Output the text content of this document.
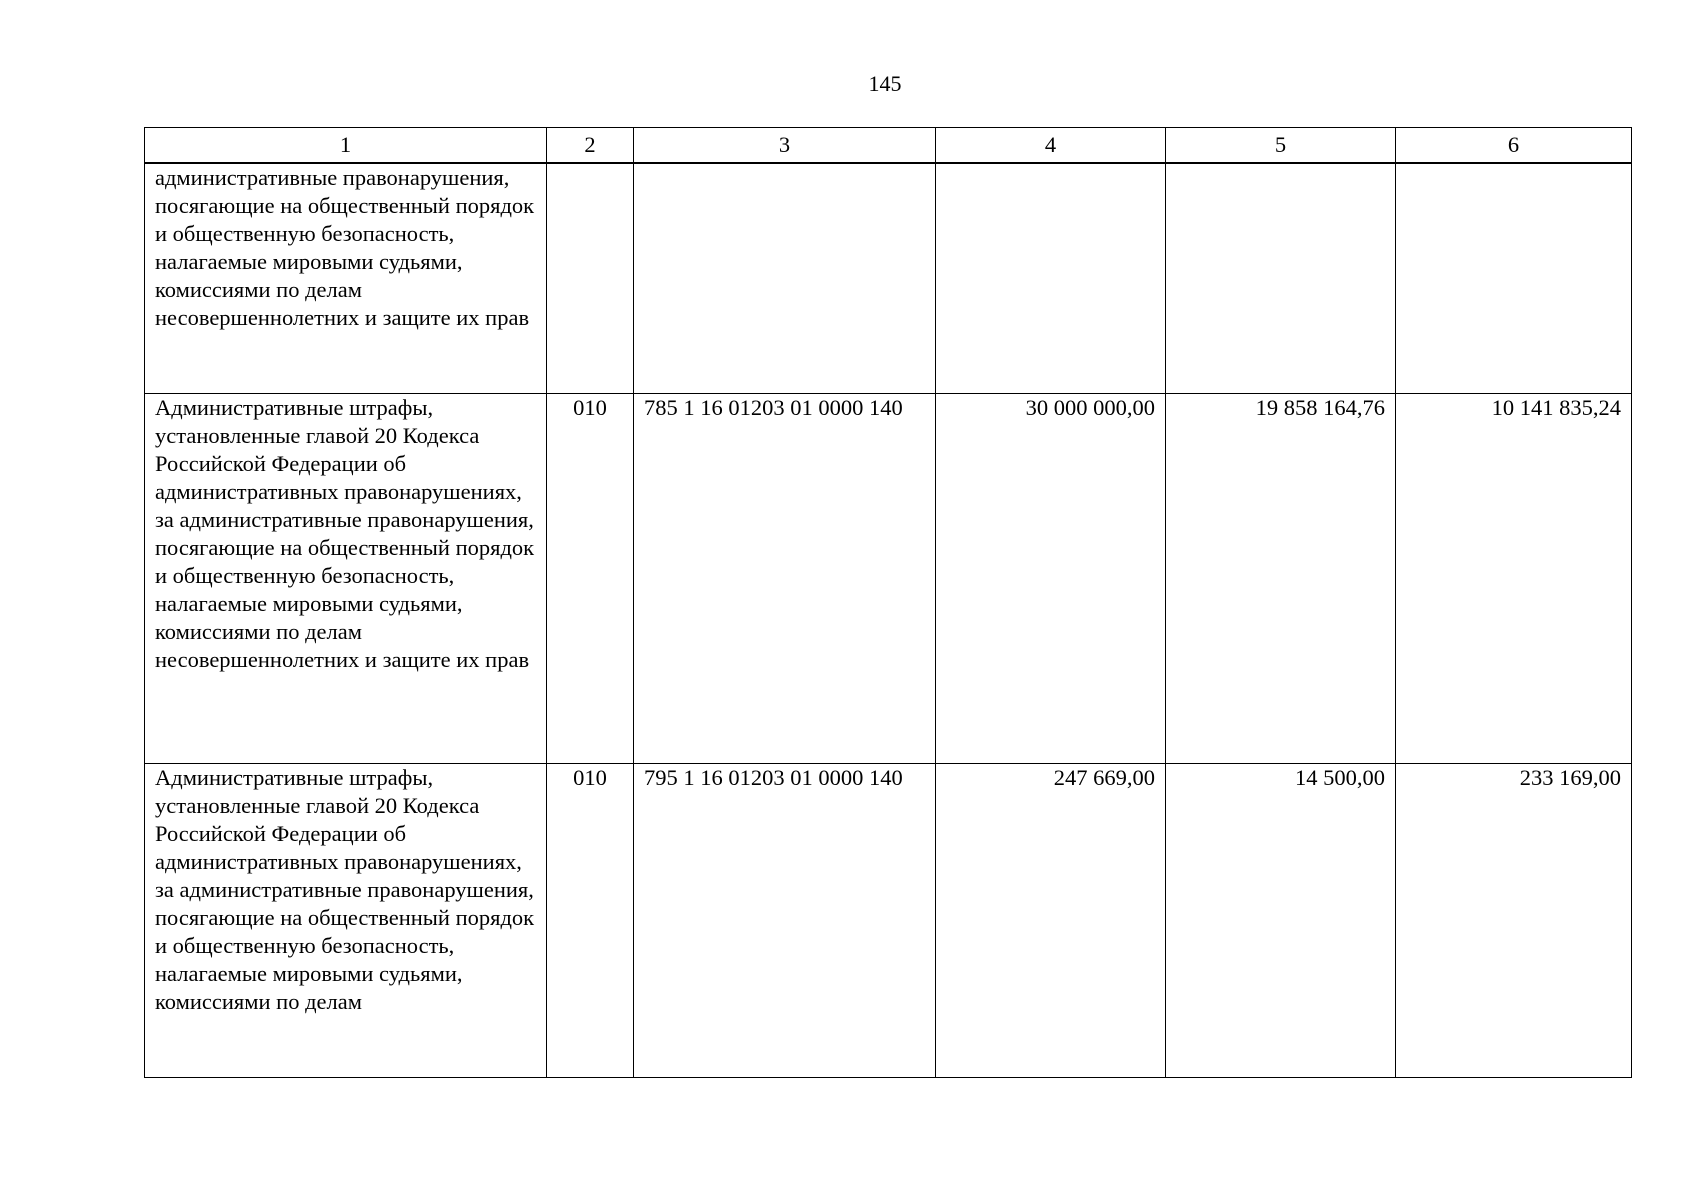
145
1	2	3	4	5	6
административные правонарушения, посягающие на общественный порядок и общественную безопасность, налагаемые мировыми судьями, комиссиями по делам несовершеннолетних и защите их прав					
Административные штрафы, установленные главой 20 Кодекса Российской Федерации об административных правонарушениях, за административные правонарушения, посягающие на общественный порядок и общественную безопасность, налагаемые мировыми судьями, комиссиями по делам несовершеннолетних и защите их прав	010	785 1 16 01203 01 0000 140	30 000 000,00	19 858 164,76	10 141 835,24
Административные штрафы, установленные главой 20 Кодекса Российской Федерации об административных правонарушениях, за административные правонарушения, посягающие на общественный порядок и общественную безопасность, налагаемые мировыми судьями, комиссиями по делам	010	795 1 16 01203 01 0000 140	247 669,00	14 500,00	233 169,00
